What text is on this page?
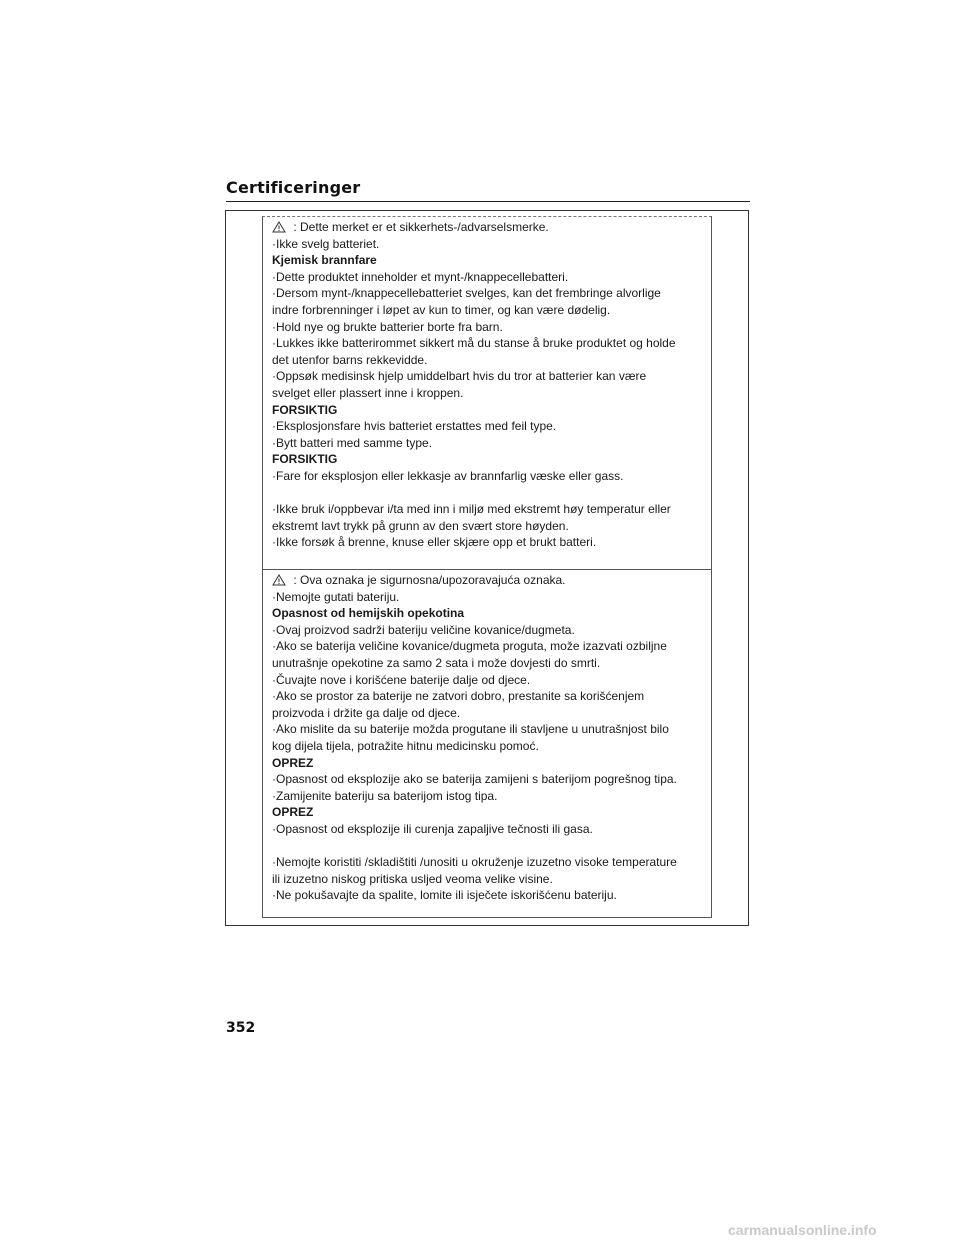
Certificeringer
: Dette merket er et sikkerhets-/advarselsmerke.
·Ikke svelg batteriet.
Kjemisk brannfare
·Dette produktet inneholder et mynt-/knappecellebatteri.
·Dersom mynt-/knappecellebatteriet svelges, kan det frembringe alvorlige
indre forbrenninger i løpet av kun to timer, og kan være dødelig.
·Hold nye og brukte batterier borte fra barn.
·Lukkes ikke batterirommet sikkert må du stanse å bruke produktet og holde
det utenfor barns rekkevidde.
·Oppsøk medisinsk hjelp umiddelbart hvis du tror at batterier kan være
svelget eller plassert inne i kroppen.
FORSIKTIG
·Eksplosjonsfare hvis batteriet erstattes med feil type.
·Bytt batteri med samme type.
FORSIKTIG
·Fare for eksplosjon eller lekkasje av brannfarlig væske eller gass.
·Ikke bruk i/oppbevar i/ta med inn i miljø med ekstremt høy temperatur eller
ekstremt lavt trykk på grunn av den svært store høyden.
·Ikke forsøk å brenne, knuse eller skjære opp et brukt batteri.
: Ova oznaka je sigurnosna/upozoravajuća oznaka.
·Nemojte gutati bateriju.
Opasnost od hemijskih opekotina
·Ovaj proizvod sadrži bateriju veličine kovanice/dugmeta.
·Ako se baterija veličine kovanice/dugmeta proguta, može izazvati ozbiljne
unutrašnje opekotine za samo 2 sata i može dovjesti do smrti.
·Čuvajte nove i korišćene baterije dalje od djece.
·Ako se prostor za baterije ne zatvori dobro, prestanite sa korišćenjem
proizvoda i držite ga dalje od djece.
·Ako mislite da su baterije možda progutane ili stavljene u unutrašnjost bilo
kog dijela tijela, potražite hitnu medicinsku pomoć.
OPREZ
·Opasnost od eksplozije ako se baterija zamijeni s baterijom pogrešnog tipa.
·Zamijenite bateriju sa baterijom istog tipa.
OPREZ
·Opasnost od eksplozije ili curenja zapaljive tečnosti ili gasa.
·Nemojte koristiti /skladištiti /unositi u okruženje izuzetno visoke temperature
ili izuzetno niskog pritiska usljed veoma velike visine.
·Ne pokušavajte da spalite, lomite ili isječete iskorišćenu bateriju.
352
carmanualsonline.info
